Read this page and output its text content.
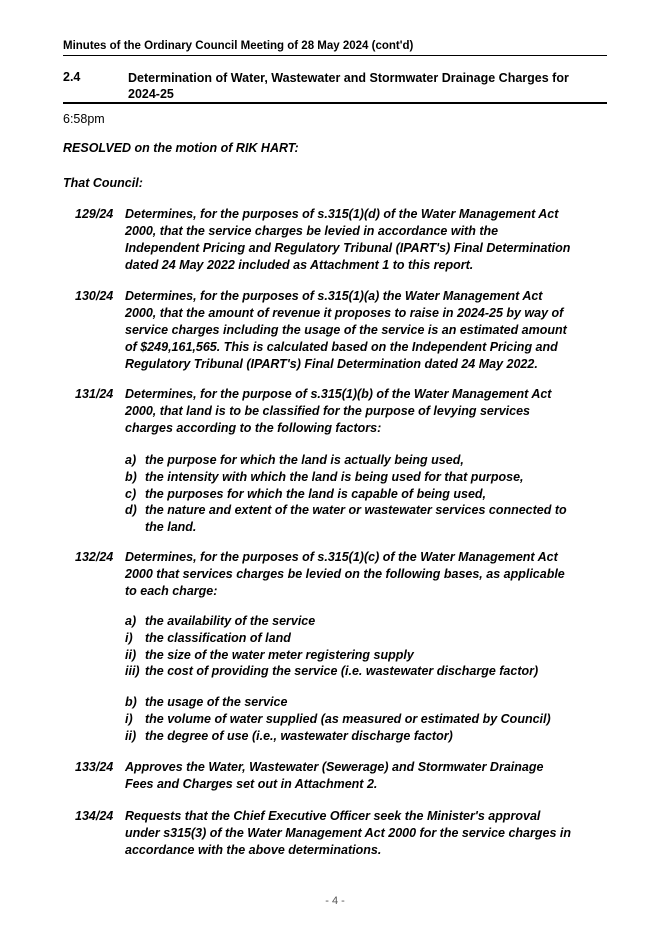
Minutes of the Ordinary Council Meeting of 28 May 2024 (cont'd)
2.4	Determination of Water, Wastewater and Stormwater Drainage Charges for 2024-25
6:58pm
RESOLVED on the motion of RIK HART:
That Council:
129/24 Determines, for the purposes of s.315(1)(d) of the Water Management Act 2000, that the service charges be levied in accordance with the Independent Pricing and Regulatory Tribunal (IPART's) Final Determination dated 24 May 2022 included as Attachment 1 to this report.
130/24 Determines, for the purposes of s.315(1)(a) the Water Management Act 2000, that the amount of revenue it proposes to raise in 2024-25 by way of service charges including the usage of the service is an estimated amount of $249,161,565. This is calculated based on the Independent Pricing and Regulatory Tribunal (IPART's) Final Determination dated 24 May 2022.
131/24 Determines, for the purpose of s.315(1)(b) of the Water Management Act 2000, that land is to be classified for the purpose of levying services charges according to the following factors:
a) the purpose for which the land is actually being used,
b) the intensity with which the land is being used for that purpose,
c) the purposes for which the land is capable of being used,
d) the nature and extent of the water or wastewater services connected to the land.
132/24 Determines, for the purposes of s.315(1)(c) of the Water Management Act 2000 that services charges be levied on the following bases, as applicable to each charge:
a) the availability of the service
i) the classification of land
ii) the size of the water meter registering supply
iii) the cost of providing the service (i.e. wastewater discharge factor)
b) the usage of the service
i) the volume of water supplied (as measured or estimated by Council)
ii) the degree of use (i.e., wastewater discharge factor)
133/24 Approves the Water, Wastewater (Sewerage) and Stormwater Drainage Fees and Charges set out in Attachment 2.
134/24 Requests that the Chief Executive Officer seek the Minister's approval under s315(3) of the Water Management Act 2000 for the service charges in accordance with the above determinations.
- 4 -
